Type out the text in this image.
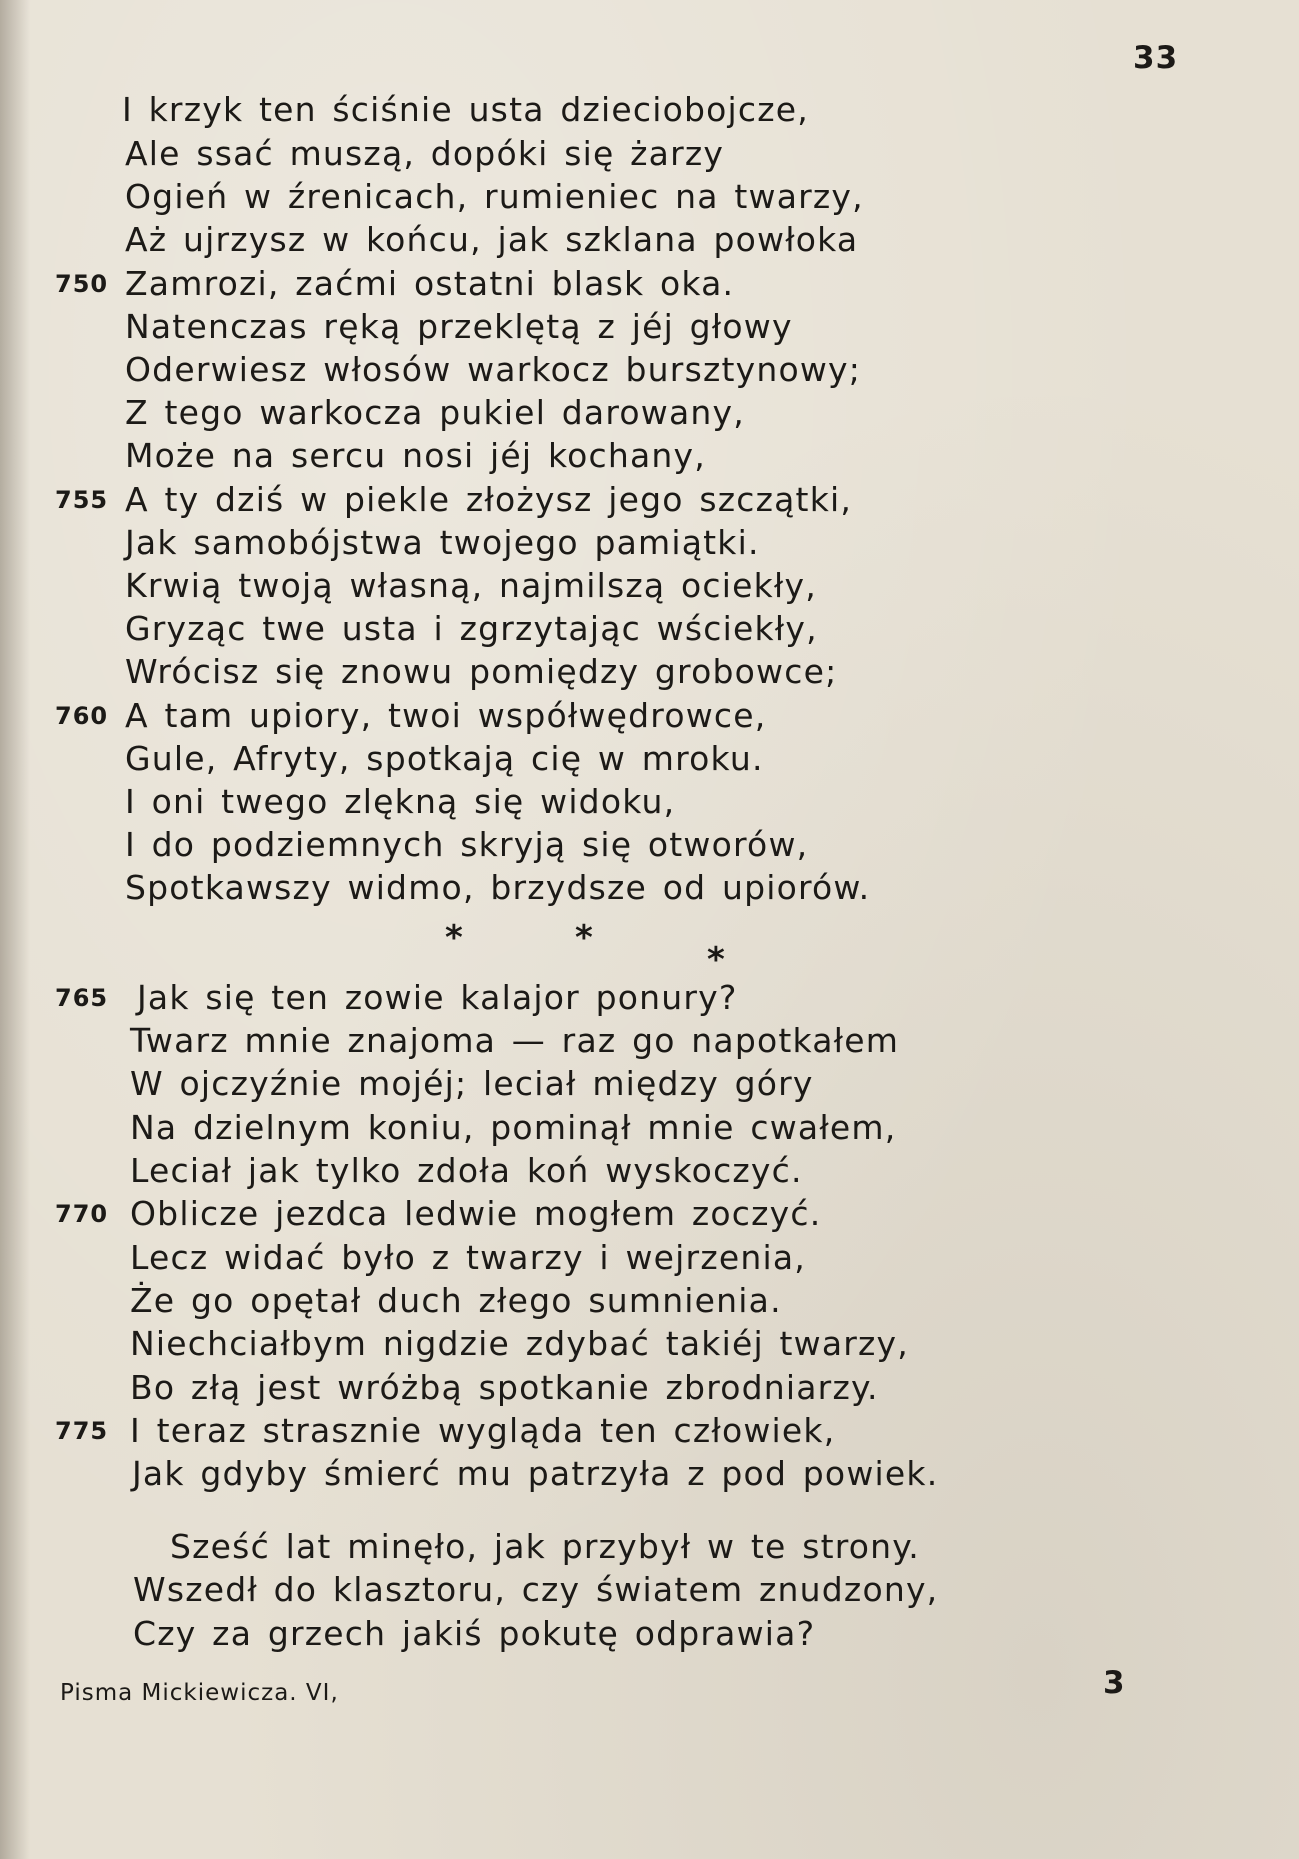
33
I krzyk ten ściśnie usta dzieciobojcze,
Ale ssać muszą, dopóki się żarzy
Ogień w źrenicach, rumieniec na twarzy,
Aż ujrzysz w końcu, jak szklana powłoka
750 Zamrozi, zaćmi ostatni blask oka.
Natenczas ręką przeklętą z jéj głowy
Oderwiesz włosów warkocz bursztynowy;
Z tego warkocza pukiel darowany,
Może na sercu nosi jéj kochany,
755 A ty dziś w piekle złożysz jego szczątki,
Jak samobójstwa twojego pamiątki.
Krwią twoją własną, najmilszą ociekły,
Gryząc twe usta i zgrzytając wściekły,
Wrócisz się znowu pomiędzy grobowce;
760 A tam upiory, twoi współwędrowce,
Gule, Afryty, spotkają cię w mroku.
I oni twego zlękną się widoku,
I do podziemnych skryją się otworów,
Spotkawszy widmo, brzydsze od upiorów.
*	*
*
765 Jak się ten zowie kalajor ponury?
Twarz mnie znajoma — raz go napotkałem
W ojczyźnie mojéj; leciał między góry
Na dzielnym koniu, pominął mnie cwałem,
Leciał jak tylko zdoła koń wyskoczyć.
770 Oblicze jezdca ledwie mogłem zoczyć.
Lecz widać było z twarzy i wejrzenia,
Że go opętał duch złego sumnienia.
Niechciałbym nigdzie zdybać takiéj twarzy,
Bo złą jest wróżbą spotkanie zbrodniarzy.
775 I teraz strasznie wygląda ten człowiek,
Jak gdyby śmierć mu patrzyła z pod powiek.
Sześć lat minęło, jak przybył w te strony.
Wszedł do klasztoru, czy światem znudzony,
Czy za grzech jakiś pokutę odprawia?
Pisma Mickiewicza. VI,	3
